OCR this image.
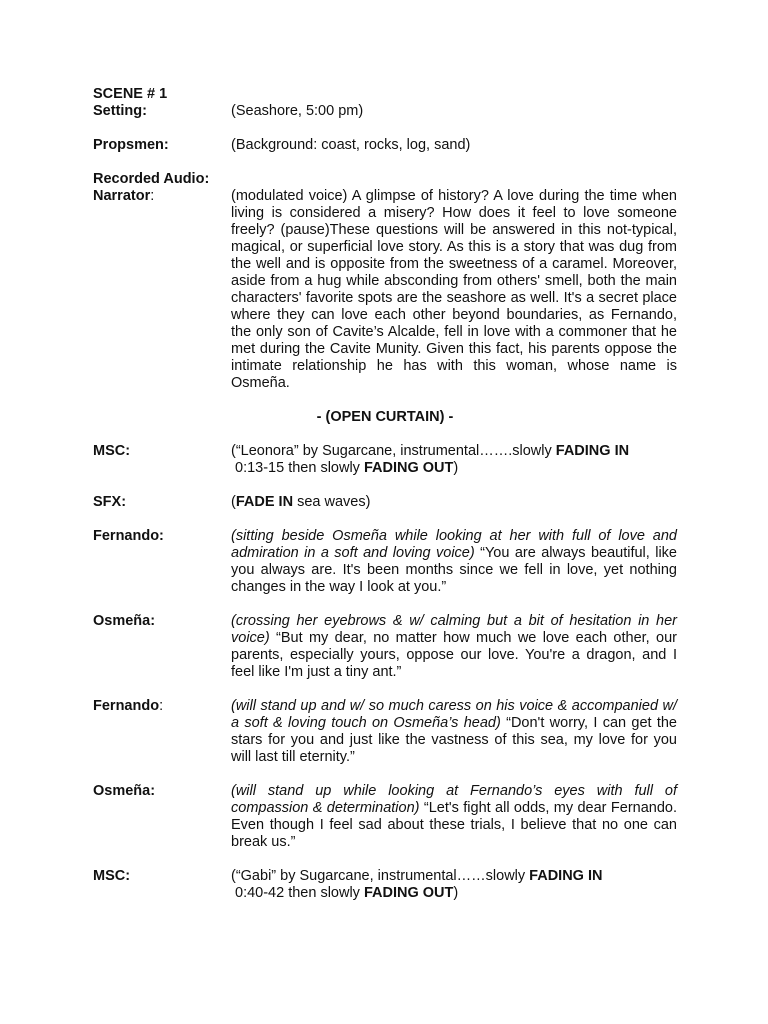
SCENE # 1
Setting:	(Seashore, 5:00 pm)
Propsmen:	(Background: coast, rocks, log, sand)
Recorded Audio:
Narrator:	(modulated voice) A glimpse of history? A love during the time when living is considered a misery? How does it feel to love someone freely? (pause)These questions will be answered in this not-typical, magical, or superficial love story. As this is a story that was dug from the well and is opposite from the sweetness of a caramel. Moreover, aside from a hug while absconding from others' smell, both the main characters' favorite spots are the seashore as well. It's a secret place where they can love each other beyond boundaries, as Fernando, the only son of Cavite’s Alcalde, fell in love with a commoner that he met during the Cavite Munity. Given this fact, his parents oppose the intimate relationship he has with this woman, whose name is Osmeña.
- (OPEN CURTAIN) -
MSC:	(“Leonora” by Sugarcane, instrumental…….slowly FADING IN
0:13-15 then slowly FADING OUT)
SFX:	(FADE IN sea waves)
Fernando:	(sitting beside Osmeña while looking at her with full of love and admiration in a soft and loving voice) “You are always beautiful, like you always are. It's been months since we fell in love, yet nothing changes in the way I look at you.”
Osmeña:	(crossing her eyebrows & w/ calming but a bit of hesitation in her voice) “But my dear, no matter how much we love each other, our parents, especially yours, oppose our love. You're a dragon, and I feel like I'm just a tiny ant.”
Fernando:	(will stand up and w/ so much caress on his voice & accompanied w/ a soft & loving touch on Osmeña’s head) “Don't worry, I can get the stars for you and just like the vastness of this sea, my love for you will last till eternity.”
Osmeña:	(will stand up while looking at Fernando’s eyes with full of compassion & determination) “Let's fight all odds, my dear Fernando. Even though I feel sad about these trials, I believe that no one can break us.”
MSC:	(“Gabi” by Sugarcane, instrumental……slowly FADING IN
0:40-42 then slowly FADING OUT)
